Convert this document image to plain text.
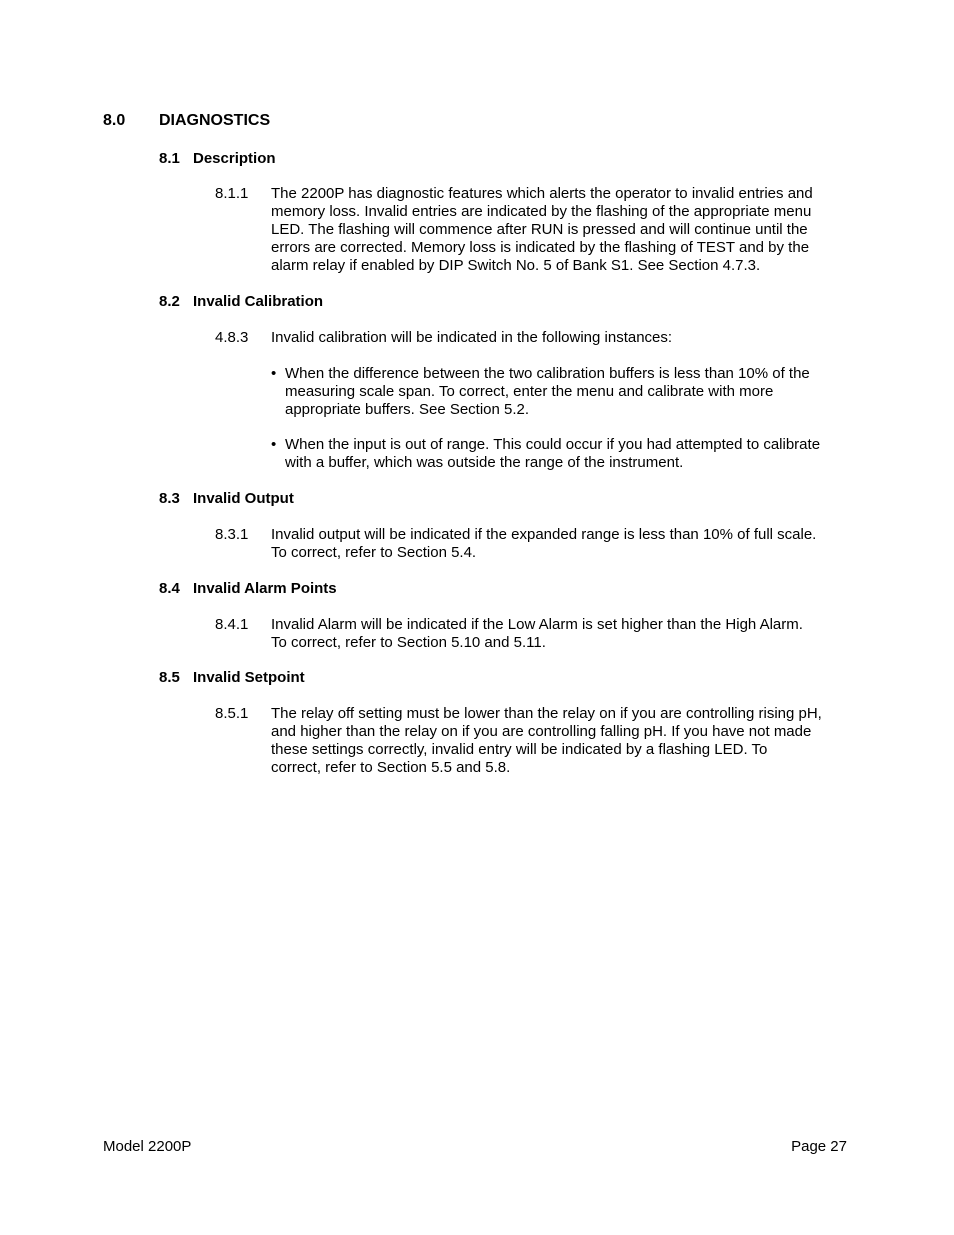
8.0 DIAGNOSTICS
8.1 Description
8.1.1 The 2200P has diagnostic features which alerts the operator to invalid entries and
memory loss. Invalid entries are indicated by the flashing of the appropriate menu
LED. The flashing will commence after RUN is pressed and will continue until the
errors are corrected. Memory loss is indicated by the flashing of TEST and by the
alarm relay if enabled by DIP Switch No. 5 of Bank S1. See Section 4.7.3.
8.2 Invalid Calibration
4.8.3 Invalid calibration will be indicated in the following instances:
• When the difference between the two calibration buffers is less than 10% of the
measuring scale span. To correct, enter the menu and calibrate with more
appropriate buffers. See Section 5.2.
• When the input is out of range. This could occur if you had attempted to calibrate
with a buffer, which was outside the range of the instrument.
8.3 Invalid Output
8.3.1 Invalid output will be indicated if the expanded range is less than 10% of full scale.
To correct, refer to Section 5.4.
8.4 Invalid Alarm Points
8.4.1 Invalid Alarm will be indicated if the Low Alarm is set higher than the High Alarm.
To correct, refer to Section 5.10 and 5.11.
8.5 Invalid Setpoint
8.5.1 The relay off setting must be lower than the relay on if you are controlling rising pH,
and higher than the relay on if you are controlling falling pH. If you have not made
these settings correctly, invalid entry will be indicated by a flashing LED. To
correct, refer to Section 5.5 and 5.8.
Model 2200P	Page 27
